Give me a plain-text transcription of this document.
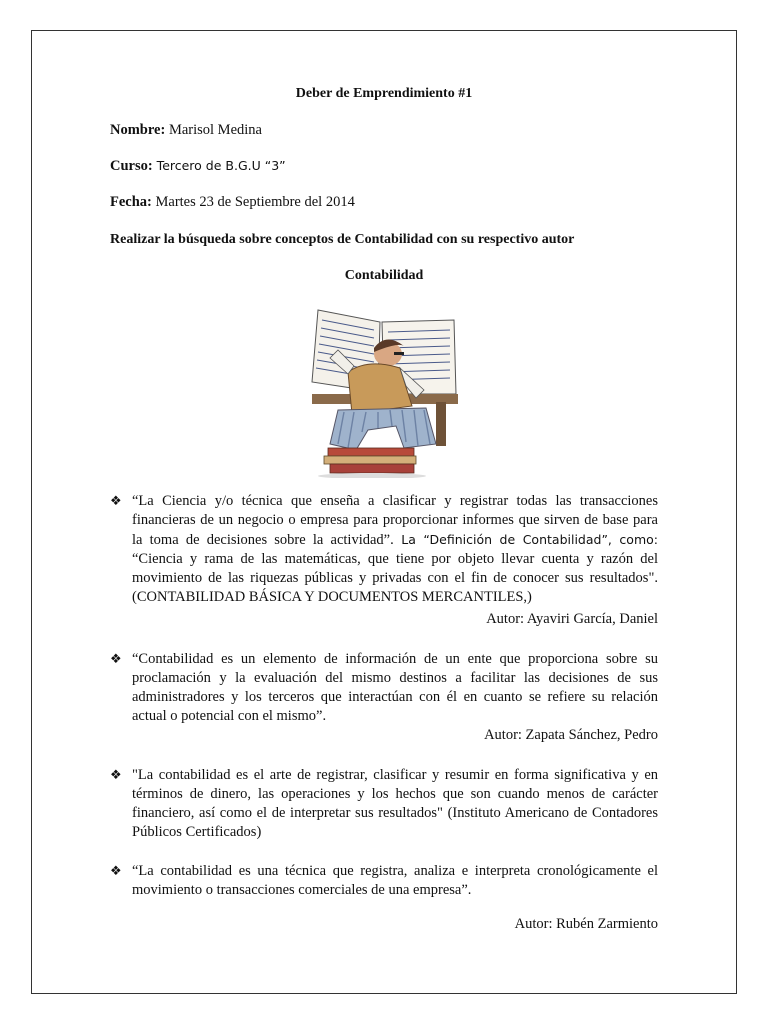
Deber de Emprendimiento #1
Nombre: Marisol Medina
Curso: Tercero de B.G.U “3”
Fecha: Martes 23 de Septiembre del 2014
Realizar la búsqueda sobre conceptos de Contabilidad con su respectivo autor
Contabilidad
❖ “La Ciencia y/o técnica que enseña a clasificar y registrar todas las transacciones financieras de un negocio o empresa para proporcionar informes que sirven de base para la toma de decisiones sobre la actividad”. La “Definición de Contabilidad”, como: “Ciencia y rama de las matemáticas, que tiene por objeto llevar cuenta y razón del movimiento de las riquezas públicas y privadas con el fin de conocer sus resultados". (CONTABILIDAD BÁSICA Y DOCUMENTOS MERCANTILES,)
Autor: Ayaviri García, Daniel
❖ “Contabilidad es un elemento de información de un ente que proporciona sobre su proclamación y la evaluación del mismo destinos a facilitar las decisiones de sus administradores y los terceros que interactúan con él en cuanto se refiere su relación actual o potencial con el mismo”.
Autor: Zapata Sánchez, Pedro
❖ "La contabilidad es el arte de registrar, clasificar y resumir en forma significativa y en términos de dinero, las operaciones y los hechos que son cuando menos de carácter financiero, así como el de interpretar sus resultados" (Instituto Americano de Contadores Públicos Certificados)
❖ “La contabilidad es una técnica que registra, analiza e interpreta cronológicamente el movimiento o transacciones comerciales de una empresa”.
Autor: Rubén Zarmiento
